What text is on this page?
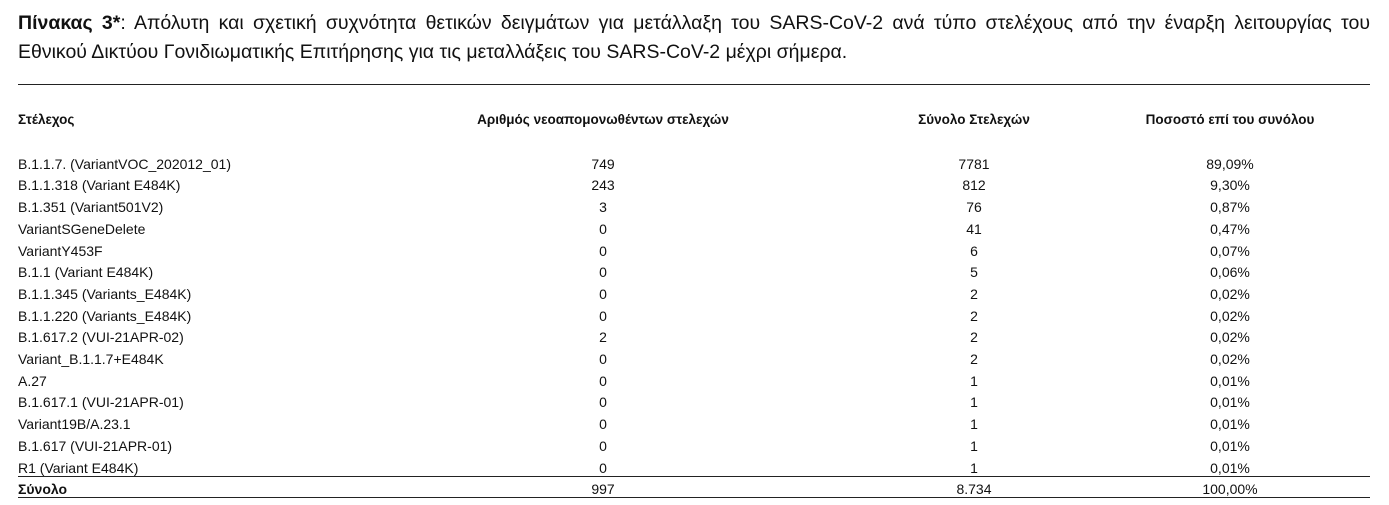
Πίνακας 3*: Απόλυτη και σχετική συχνότητα θετικών δειγμάτων για μετάλλαξη του SARS-CoV-2 ανά τύπο στελέχους από την έναρξη λειτουργίας του Εθνικού Δικτύου Γονιδιωματικής Επιτήρησης για τις μεταλλάξεις του SARS-CoV-2 μέχρι σήμερα.

Στέλεχος	Αριθμός νεοαπομονωθέντων στελεχών	Σύνολο Στελεχών	Ποσοστό επί του συνόλου

B.1.1.7. (VariantVOC_202012_01)	749	7781	89,09%
B.1.1.318 (Variant E484K)	243	812	9,30%
B.1.351 (Variant501V2)	3	76	0,87%
VariantSGeneDelete	0	41	0,47%
VariantY453F	0	6	0,07%
B.1.1 (Variant E484K)	0	5	0,06%
B.1.1.345 (Variants_E484K)	0	2	0,02%
B.1.1.220 (Variants_E484K)	0	2	0,02%
B.1.617.2 (VUI-21APR-02)	2	2	0,02%
Variant_B.1.1.7+E484K	0	2	0,02%
A.27	0	1	0,01%
B.1.617.1 (VUI-21APR-01)	0	1	0,01%
Variant19B/A.23.1	0	1	0,01%
B.1.617 (VUI-21APR-01)	0	1	0,01%
R1 (Variant E484K)	0	1	0,01%
Σύνολο	997	8.734	100,00%
